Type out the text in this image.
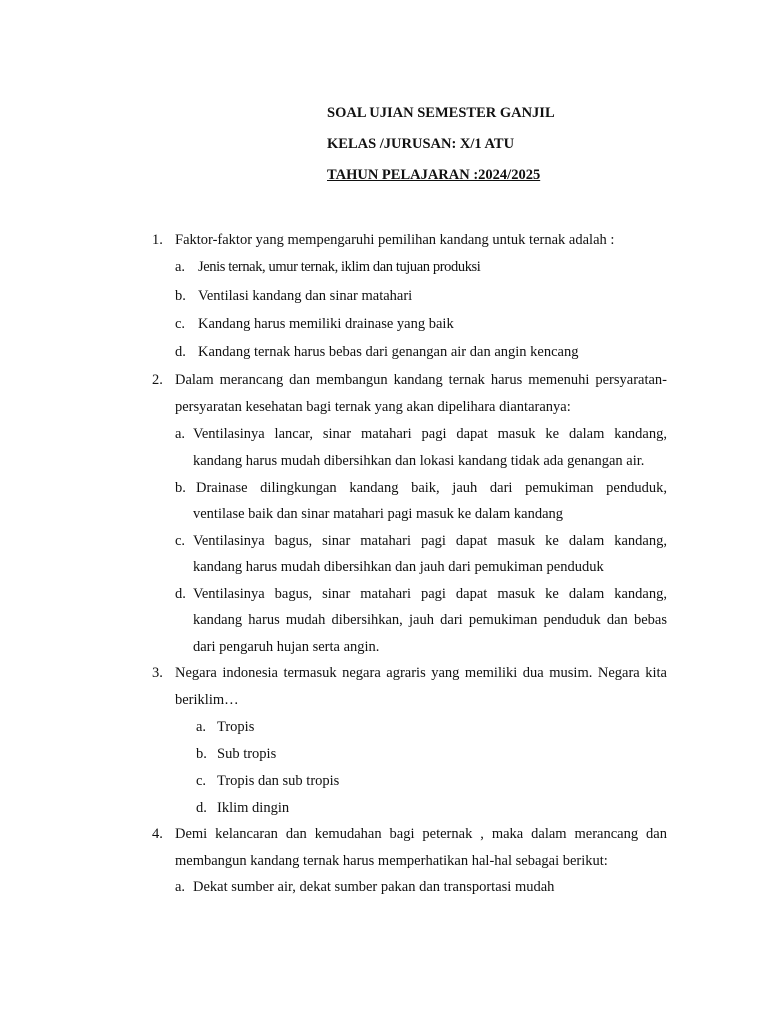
SOAL UJIAN SEMESTER GANJIL
KELAS /JURUSAN: X/1 ATU
TAHUN PELAJARAN :2024/2025
1. Faktor-faktor yang mempengaruhi pemilihan kandang untuk ternak adalah :
a. Jenis ternak, umur ternak, iklim dan tujuan produksi
b. Ventilasi kandang dan sinar matahari
c. Kandang harus memiliki drainase yang baik
d. Kandang ternak harus bebas dari genangan air dan angin kencang
2. Dalam merancang dan membangun kandang ternak harus memenuhi persyaratan-
persyaratan kesehatan bagi ternak yang akan dipelihara diantaranya:
a. Ventilasinya lancar, sinar matahari pagi dapat masuk ke dalam kandang,
kandang harus mudah dibersihkan dan lokasi kandang tidak ada genangan air.
b. Drainase dilingkungan kandang baik, jauh dari pemukiman penduduk,
ventilase baik dan sinar matahari pagi masuk ke dalam kandang
c. Ventilasinya bagus, sinar matahari pagi dapat masuk ke dalam kandang,
kandang harus mudah dibersihkan dan jauh dari pemukiman penduduk
d. Ventilasinya bagus, sinar matahari pagi dapat masuk ke dalam kandang,
kandang harus mudah dibersihkan, jauh dari pemukiman penduduk dan bebas
dari pengaruh hujan serta angin.
3. Negara indonesia termasuk negara agraris yang memiliki dua musim. Negara kita
beriklim…
a. Tropis
b. Sub tropis
c. Tropis dan sub tropis
d. Iklim dingin
4. Demi kelancaran dan kemudahan bagi peternak , maka dalam merancang dan
membangun kandang ternak harus memperhatikan hal-hal sebagai berikut:
a. Dekat sumber air, dekat sumber pakan dan transportasi mudah
